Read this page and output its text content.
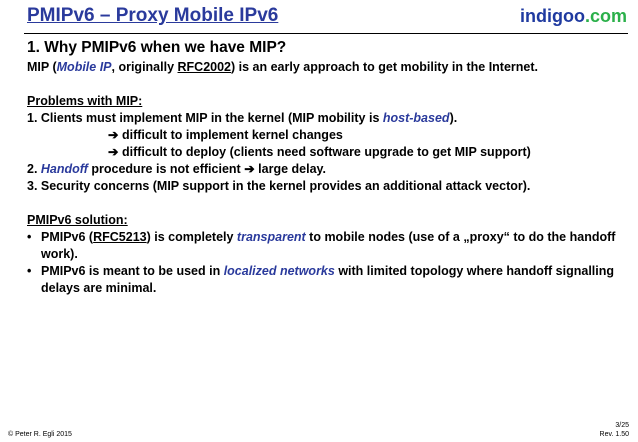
PMIPv6 – Proxy Mobile IPv6	indigoo.com
1. Why PMIPv6 when we have MIP?
MIP (Mobile IP, originally RFC2002) is an early approach to get mobility in the Internet.
Problems with MIP:
1. Clients must implement MIP in the kernel (MIP mobility is host-based).
➔ difficult to implement kernel changes
➔ difficult to deploy (clients need software upgrade to get MIP support)
2. Handoff procedure is not efficient ➔ large delay.
3. Security concerns (MIP support in the kernel provides an additional attack vector).
PMIPv6 solution:
• PMIPv6 (RFC5213) is completely transparent to mobile nodes (use of a „proxy“ to do the handoff work).
• PMIPv6 is meant to be used in localized networks with limited topology where handoff signalling delays are minimal.
© Peter R. Egli 2015
3/25
Rev. 1.50
